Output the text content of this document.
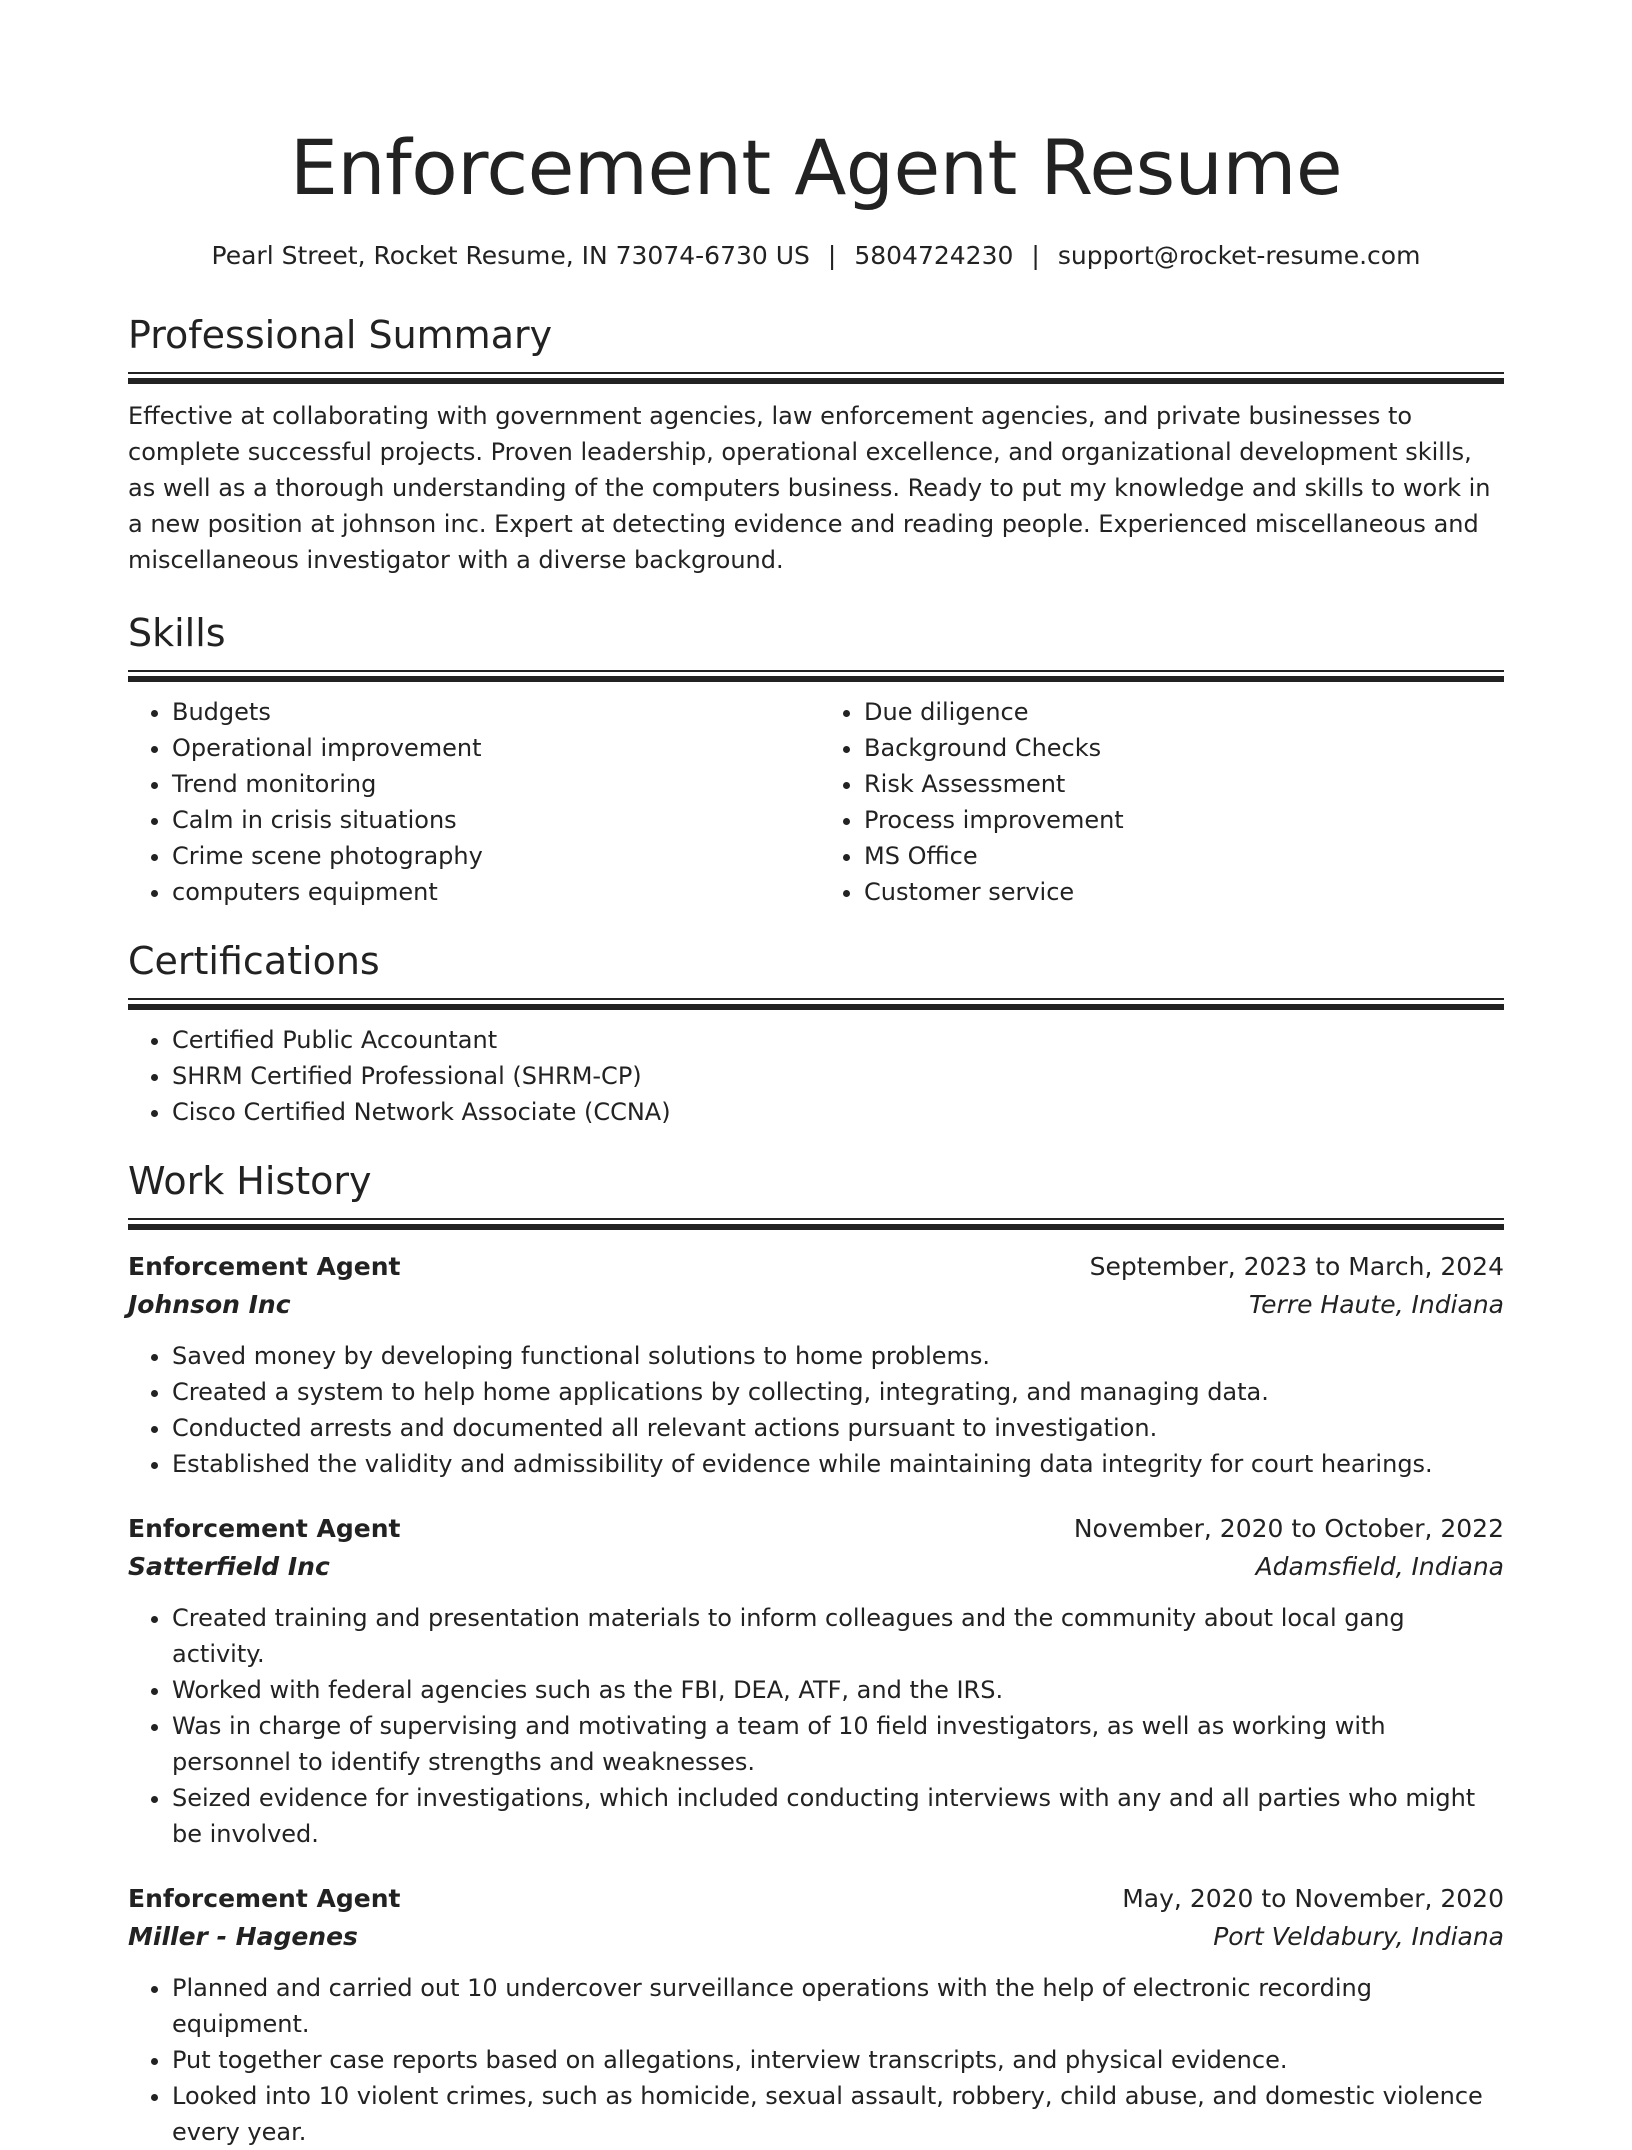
Enforcement Agent Resume
Pearl Street, Rocket Resume, IN 73074-6730 US | 5804724230 | support@rocket-resume.com
Professional Summary
Effective at collaborating with government agencies, law enforcement agencies, and private businesses to complete successful projects. Proven leadership, operational excellence, and organizational development skills, as well as a thorough understanding of the computers business. Ready to put my knowledge and skills to work in a new position at johnson inc. Expert at detecting evidence and reading people. Experienced miscellaneous and miscellaneous investigator with a diverse background.
Skills
• Budgets
• Operational improvement
• Trend monitoring
• Calm in crisis situations
• Crime scene photography
• computers equipment
• Due diligence
• Background Checks
• Risk Assessment
• Process improvement
• MS Office
• Customer service
Certifications
• Certified Public Accountant
• SHRM Certified Professional (SHRM-CP)
• Cisco Certified Network Associate (CCNA)
Work History
Enforcement Agent	September, 2023 to March, 2024
Johnson Inc	Terre Haute, Indiana
• Saved money by developing functional solutions to home problems.
• Created a system to help home applications by collecting, integrating, and managing data.
• Conducted arrests and documented all relevant actions pursuant to investigation.
• Established the validity and admissibility of evidence while maintaining data integrity for court hearings.
Enforcement Agent	November, 2020 to October, 2022
Satterfield Inc	Adamsfield, Indiana
• Created training and presentation materials to inform colleagues and the community about local gang activity.
• Worked with federal agencies such as the FBI, DEA, ATF, and the IRS.
• Was in charge of supervising and motivating a team of 10 field investigators, as well as working with personnel to identify strengths and weaknesses.
• Seized evidence for investigations, which included conducting interviews with any and all parties who might be involved.
Enforcement Agent	May, 2020 to November, 2020
Miller - Hagenes	Port Veldabury, Indiana
• Planned and carried out 10 undercover surveillance operations with the help of electronic recording equipment.
• Put together case reports based on allegations, interview transcripts, and physical evidence.
• Looked into 10 violent crimes, such as homicide, sexual assault, robbery, child abuse, and domestic violence every year.
